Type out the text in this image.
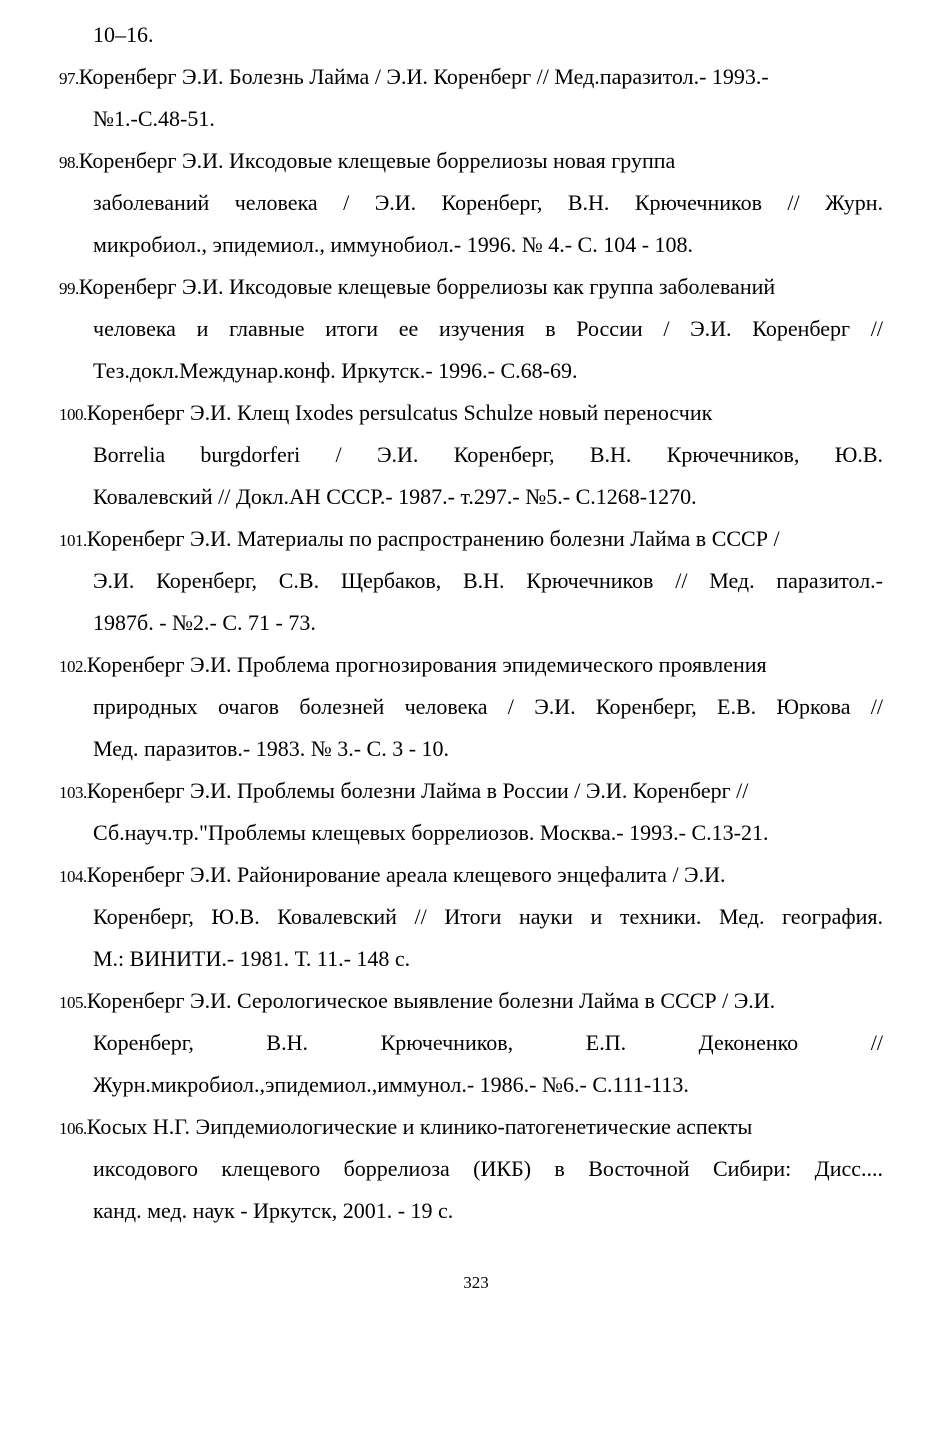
10–16.
97.Коренберг Э.И. Болезнь Лайма / Э.И. Коренберг // Мед.паразитол.- 1993.-
№1.-С.48-51.
98.Коренберг Э.И. Иксодовые клещевые боррелиозы новая группа
заболеваний человека / Э.И. Коренберг, В.Н. Крючечников // Журн.
микробиол., эпидемиол., иммунобиол.- 1996. № 4.- С. 104 - 108.
99.Коренберг Э.И. Иксодовые клещевые боррелиозы как группа заболеваний
человека и главные итоги ее изучения в России / Э.И. Коренберг //
Тез.докл.Междунар.конф. Иркутск.- 1996.- С.68-69.
100.Коренберг Э.И. Клещ Ixodes persulcatus Schulze новый переносчик
Borrelia burgdorferi / Э.И. Коренберг, В.Н. Крючечников, Ю.В.
Ковалевский // Докл.АН СССР.- 1987.- т.297.- №5.- С.1268-1270.
101.Коренберг Э.И. Материалы по распространению болезни Лайма в СССР /
Э.И. Коренберг, С.В. Щербаков, В.Н. Крючечников // Мед. паразитол.-
1987б. - №2.- С. 71 - 73.
102.Коренберг Э.И. Проблема прогнозирования эпидемического проявления
природных очагов болезней человека / Э.И. Коренберг, Е.В. Юркова //
Мед. паразитов.- 1983. № 3.- С. 3 - 10.
103.Коренберг Э.И. Проблемы болезни Лайма в России / Э.И. Коренберг //
Сб.науч.тр."Проблемы клещевых боррелиозов. Москва.- 1993.- С.13-21.
104.Коренберг Э.И. Районирование ареала клещевого энцефалита / Э.И.
Коренберг, Ю.В. Ковалевский // Итоги науки и техники. Мед. география.
М.: ВИНИТИ.- 1981. Т. 11.- 148 с.
105.Коренберг Э.И. Серологическое выявление болезни Лайма в СССР / Э.И.
Коренберг, В.Н. Крючечников, Е.П. Деконенко //
Журн.микробиол.,эпидемиол.,иммунол.- 1986.- №6.- С.111-113.
106.Косых Н.Г. Эипдемиологические и клинико-патогенетические аспекты
иксодового клещевого боррелиоза (ИКБ) в Восточной Сибири: Дисс....
канд. мед. наук - Иркутск, 2001. - 19 с.
323
